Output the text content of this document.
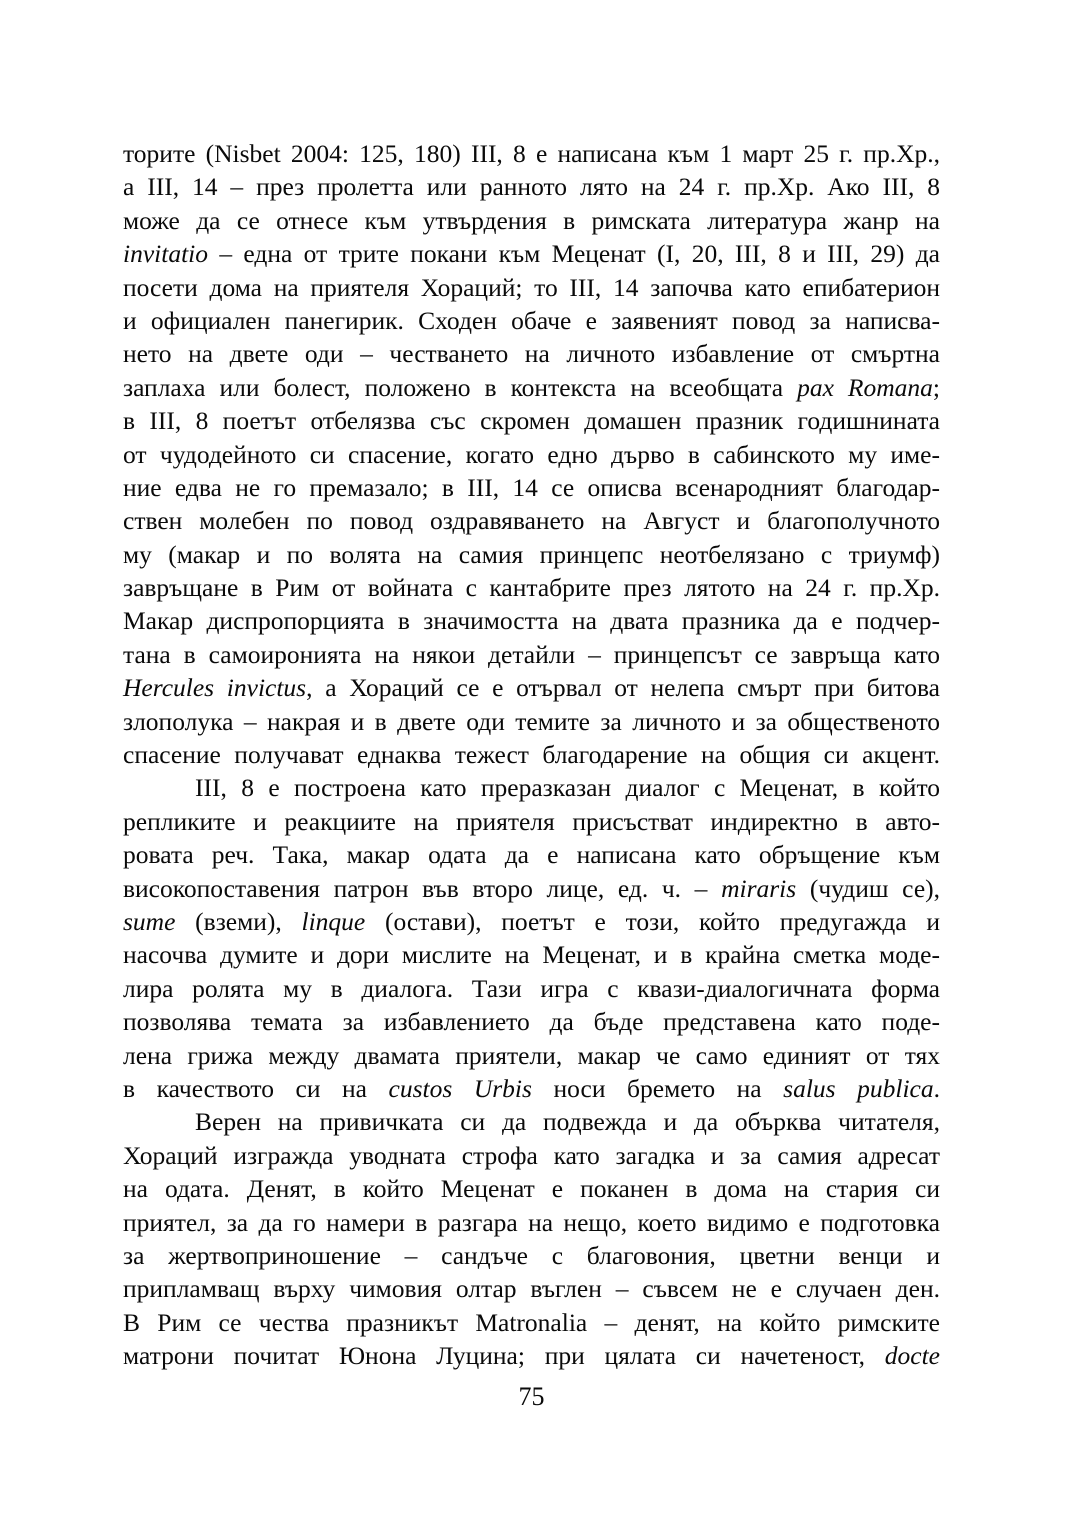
торите (Nisbet 2004: 125, 180) III, 8 е написана към 1 март 25 г. пр.Хр.,
а III, 14 – през пролетта или ранното лято на 24 г. пр.Хр. Ако III, 8
може да се отнесе към утвърдения в римската литература жанр на
invitatio – една от трите покани към Меценат (I, 20, III, 8 и III, 29) да
посети дома на приятеля Хораций; то III, 14 започва като епибатерион
и официален панегирик. Сходен обаче е заявеният повод за написва-
нето на двете оди – честването на личното избавление от смъртна
заплаха или болест, положено в контекста на всеобщата pax Romana;
в III, 8 поетът отбелязва със скромен домашен празник годишнината
от чудодейното си спасение, когато едно дърво в сабинското му име-
ние едва не го премазало; в III, 14 се описва всенародният благодар-
ствен молебен по повод оздравяването на Август и благополучното
му (макар и по волята на самия принцепс неотбелязано с триумф)
завръщане в Рим от войната с кантабрите през лятото на 24 г. пр.Хр.
Макар диспропорцията в значимостта на двата празника да е подчер-
тана в самоиронията на някои детайли – принцепсът се завръща като
Hercules invictus, а Хораций се е отървал от нелепа смърт при битова
злополука – накрая и в двете оди темите за личното и за общественото
спасение получават еднаква тежест благодарение на общия си акцент.
III, 8 е построена като преразказан диалог с Меценат, в който
репликите и реакциите на приятеля присъстват индиректно в авто-
ровата реч. Така, макар одата да е написана като обръщение към
високопоставения патрон във второ лице, ед. ч. – miraris (чудиш се),
sume (вземи), linque (остави), поетът е този, който предугажда и
насочва думите и дори мислите на Меценат, и в крайна сметка моде-
лира ролята му в диалога. Тази игра с квази-диалогичната форма
позволява темата за избавлението да бъде представена като поде-
лена грижа между двамата приятели, макар че само единият от тях
в качеството си на custos Urbis носи бремето на salus publica.
Верен на привичката си да подвежда и да обърква читателя,
Хораций изгражда уводната строфа като загадка и за самия адресат
на одата. Денят, в който Меценат е поканен в дома на стария си
приятел, за да го намери в разгара на нещо, което видимо е подготовка
за жертвоприношение – сандъче с благовония, цветни венци и
припламващ върху чимовия олтар въглен – съвсем не е случаен ден.
В Рим се чества празникът Matronalia – денят, на който римските
матрони почитат Юнона Луцина; при цялата си начетеност, docte
75
